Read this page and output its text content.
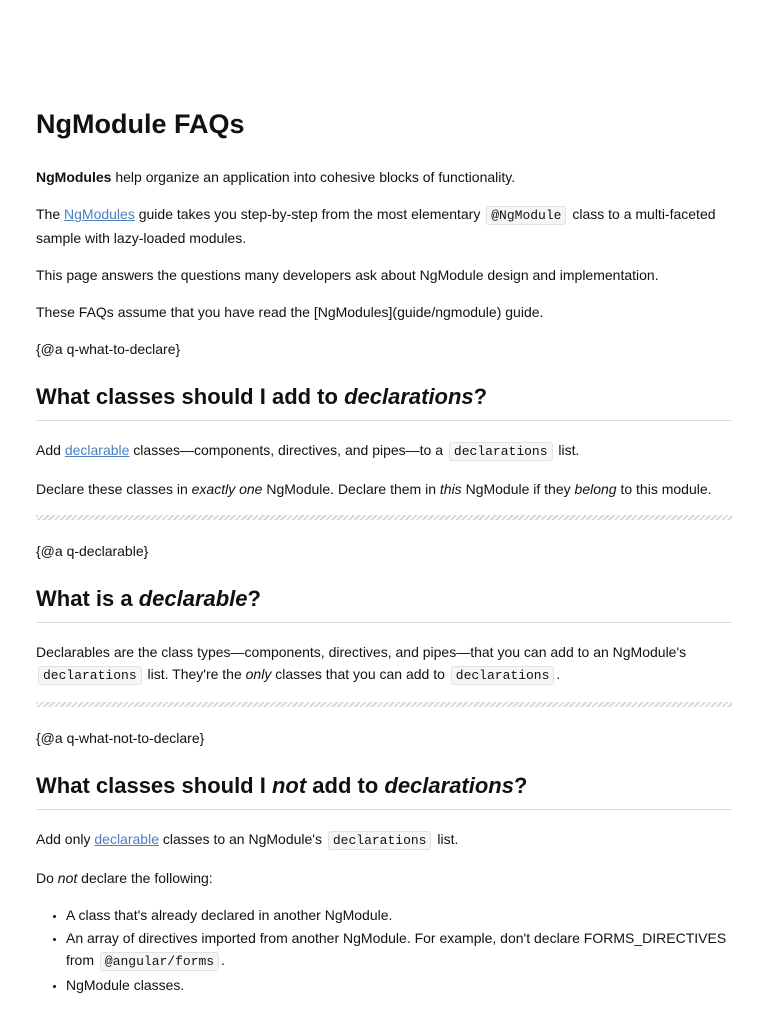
NgModule FAQs

NgModules help organize an application into cohesive blocks of functionality.

The NgModules guide takes you step-by-step from the most elementary @NgModule class to a multi-faceted sample with lazy-loaded modules.

This page answers the questions many developers ask about NgModule design and implementation.

These FAQs assume that you have read the [NgModules](guide/ngmodule) guide.

{@a q-what-to-declare}

What classes should I add to declarations?

Add declarable classes—components, directives, and pipes—to a declarations list.

Declare these classes in exactly one NgModule. Declare them in this NgModule if they belong to this module.

{@a q-declarable}

What is a declarable?

Declarables are the class types—components, directives, and pipes—that you can add to an NgModule's declarations list. They're the only classes that you can add to declarations .

{@a q-what-not-to-declare}

What classes should I not add to declarations?

Add only declarable classes to an NgModule's declarations list.

Do not declare the following:

• A class that's already declared in another NgModule.
• An array of directives imported from another NgModule. For example, don't declare FORMS_DIRECTIVES from @angular/forms .
• NgModule classes.
